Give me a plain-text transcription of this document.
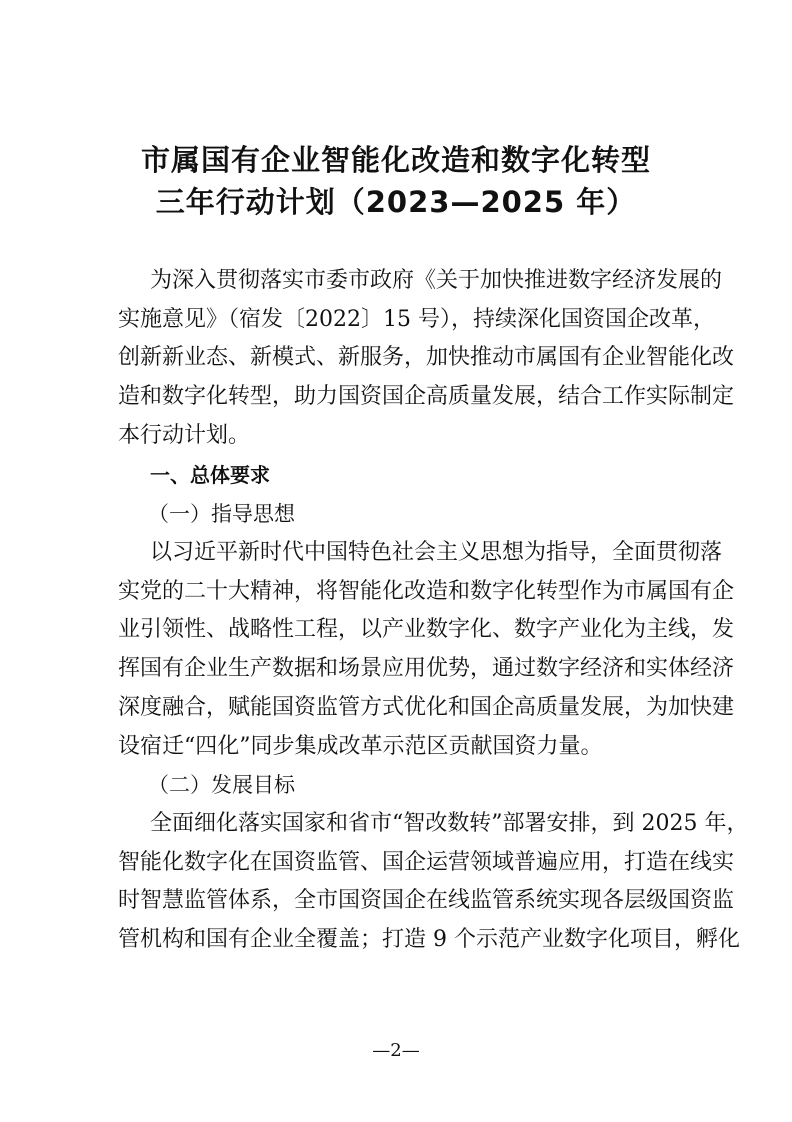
市属国有企业智能化改造和数字化转型
三年行动计划（2023—2025 年）
为深入贯彻落实市委市政府《关于加快推进数字经济发展的
实施意见》（宿发〔2022〕15 号），持续深化国资国企改革，
创新新业态、新模式、新服务，加快推动市属国有企业智能化改
造和数字化转型，助力国资国企高质量发展，结合工作实际制定
本行动计划。
一、总体要求
（一）指导思想
以习近平新时代中国特色社会主义思想为指导，全面贯彻落
实党的二十大精神，将智能化改造和数字化转型作为市属国有企
业引领性、战略性工程，以产业数字化、数字产业化为主线，发
挥国有企业生产数据和场景应用优势，通过数字经济和实体经济
深度融合，赋能国资监管方式优化和国企高质量发展，为加快建
设宿迁“四化”同步集成改革示范区贡献国资力量。
（二）发展目标
全面细化落实国家和省市“智改数转”部署安排，到 2025 年，
智能化数字化在国资监管、国企运营领域普遍应用，打造在线实
时智慧监管体系，全市国资国企在线监管系统实现各层级国资监
管机构和国有企业全覆盖；打造 9 个示范产业数字化项目，孵化
—2—
